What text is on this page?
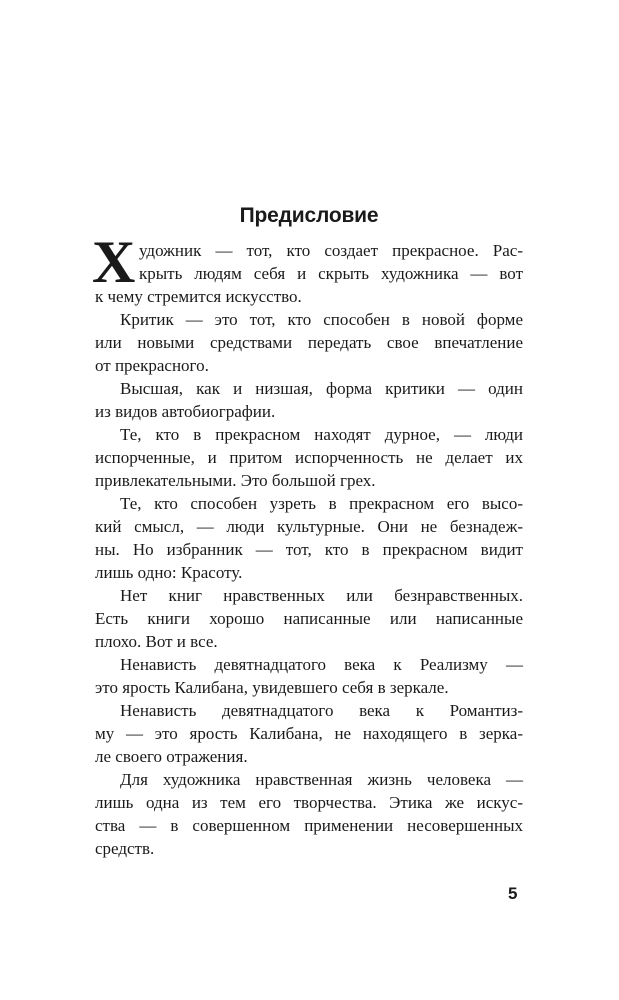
Предисловие
Х удожник — тот, кто создает прекрасное. Рас-
крыть людям себя и скрыть художника — вот
к чему стремится искусство.
Критик — это тот, кто способен в новой форме
или новыми средствами передать свое впечатление
от прекрасного.
Высшая, как и низшая, форма критики — один
из видов автобиографии.
Те, кто в прекрасном находят дурное, — люди
испорченные, и притом испорченность не делает их
привлекательными. Это большой грех.
Те, кто способен узреть в прекрасном его высо-
кий смысл, — люди культурные. Они не безнадеж-
ны. Но избранник — тот, кто в прекрасном видит
лишь одно: Красоту.
Нет книг нравственных или безнравственных.
Есть книги хорошо написанные или написанные
плохо. Вот и все.
Ненависть девятнадцатого века к Реализму —
это ярость Калибана, увидевшего себя в зеркале.
Ненависть девятнадцатого века к Романтиз-
му — это ярость Калибана, не находящего в зерка-
ле своего отражения.
Для художника нравственная жизнь человека —
лишь одна из тем его творчества. Этика же искус-
ства — в совершенном применении несовершенных
средств.
5
